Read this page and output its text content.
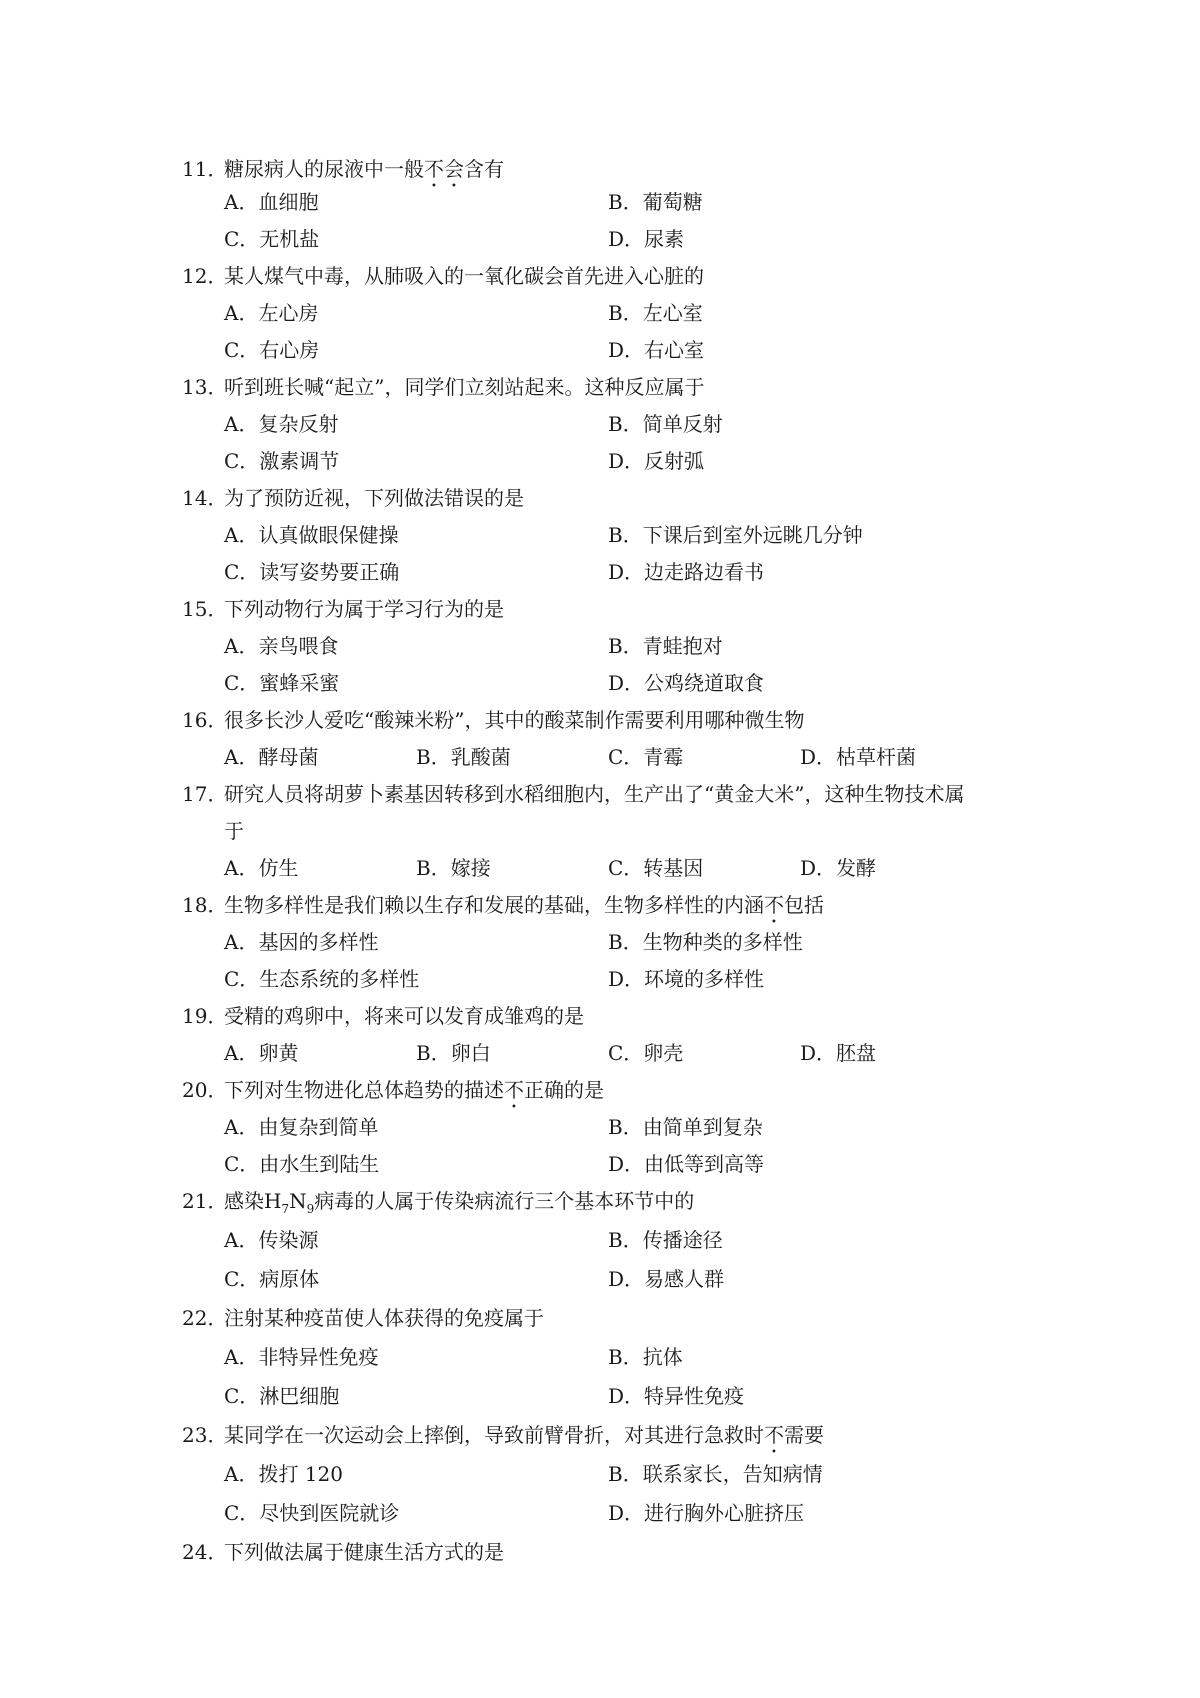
11．糖尿病人的尿液中一般不会含有
A．血细胞	B．葡萄糖
C．无机盐	D．尿素
12．某人煤气中毒，从肺吸入的一氧化碳会首先进入心脏的
A．左心房	B．左心室
C．右心房	D．右心室
13．听到班长喊“起立”，同学们立刻站起来。这种反应属于
A．复杂反射	B．简单反射
C．激素调节	D．反射弧
14．为了预防近视，下列做法错误的是
A．认真做眼保健操	B．下课后到室外远眺几分钟
C．读写姿势要正确	D．边走路边看书
15．下列动物行为属于学习行为的是
A．亲鸟喂食	B．青蛙抱对
C．蜜蜂采蜜	D．公鸡绕道取食
16．很多长沙人爱吃“酸辣米粉”，其中的酸菜制作需要利用哪种微生物
A．酵母菌	B．乳酸菌	C．青霉	D．枯草杆菌
17．研究人员将胡萝卜素基因转移到水稻细胞内，生产出了“黄金大米”，这种生物技术属
于
A．仿生	B．嫁接	C．转基因	D．发酵
18．生物多样性是我们赖以生存和发展的基础，生物多样性的内涵不包括
A．基因的多样性	B．生物种类的多样性
C．生态系统的多样性	D．环境的多样性
19．受精的鸡卵中，将来可以发育成雏鸡的是
A．卵黄	B．卵白	C．卵壳	D．胚盘
20．下列对生物进化总体趋势的描述不正确的是
A．由复杂到简单	B．由简单到复杂
C．由水生到陆生	D．由低等到高等
21．感染$H_7N_9$病毒的人属于传染病流行三个基本环节中的
A．传染源	B．传播途径
C．病原体	D．易感人群
22．注射某种疫苗使人体获得的免疫属于
A．非特异性免疫	B．抗体
C．淋巴细胞	D．特异性免疫
23．某同学在一次运动会上摔倒，导致前臂骨折，对其进行急救时不需要
A．拨打 120	B．联系家长，告知病情
C．尽快到医院就诊	D．进行胸外心脏挤压
24．下列做法属于健康生活方式的是
